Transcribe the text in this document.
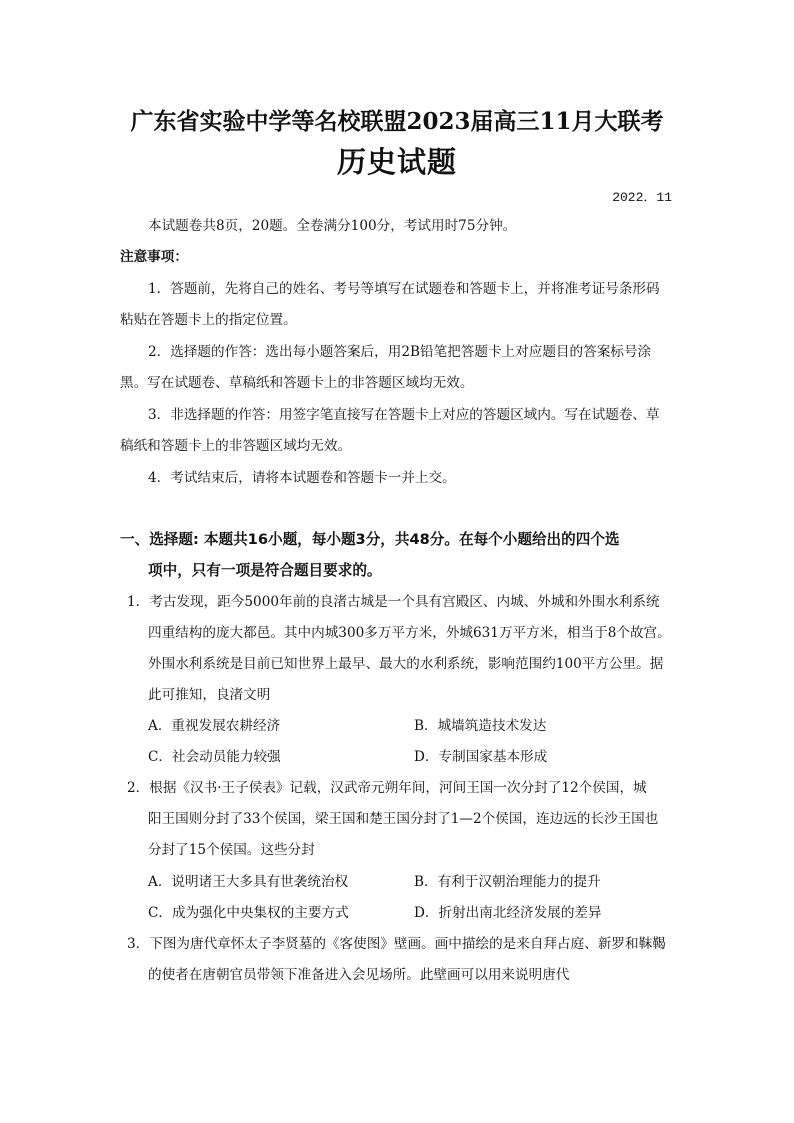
广东省实验中学等名校联盟2023届高三11月大联考
历史试题
2022．11
本试题卷共8页，20题。全卷满分100分，考试用时75分钟。
注意事项：
1．答题前，先将自己的姓名、考号等填写在试题卷和答题卡上，并将准考证号条形码
粘贴在答题卡上的指定位置。
2．选择题的作答：选出每小题答案后，用2B铅笔把答题卡上对应题目的答案标号涂
黑。写在试题卷、草稿纸和答题卡上的非答题区域均无效。
3．非选择题的作答：用签字笔直接写在答题卡上对应的答题区域内。写在试题卷、草
稿纸和答题卡上的非答题区域均无效。
4．考试结束后，请将本试题卷和答题卡一并上交。
一、选择题: 本题共16小题，每小题3分，共48分。在每个小题给出的四个选
项中，只有一项是符合题目要求的。
1．考古发现，距今5000年前的良渚古城是一个具有宫殿区、内城、外城和外围水利系统
四重结构的庞大都邑。其中内城300多万平方米，外城631万平方米，相当于8个故宫。
外围水利系统是目前已知世界上最早、最大的水利系统，影响范围约100平方公里。据
此可推知，良渚文明
A．重视发展农耕经济	B．城墙筑造技术发达
C．社会动员能力较强	D．专制国家基本形成
2．根据《汉书·王子侯表》记载，汉武帝元朔年间，河间王国一次分封了12个侯国，城
阳王国则分封了33个侯国，梁王国和楚王国分封了1—2个侯国，连边远的长沙王国也
分封了15个侯国。这些分封
A．说明诸王大多具有世袭统治权	B．有利于汉朝治理能力的提升
C．成为强化中央集权的主要方式	D．折射出南北经济发展的差异
3．下图为唐代章怀太子李贤墓的《客使图》壁画。画中描绘的是来自拜占庭、新罗和靺鞨
的使者在唐朝官员带领下准备进入会见场所。此壁画可以用来说明唐代
